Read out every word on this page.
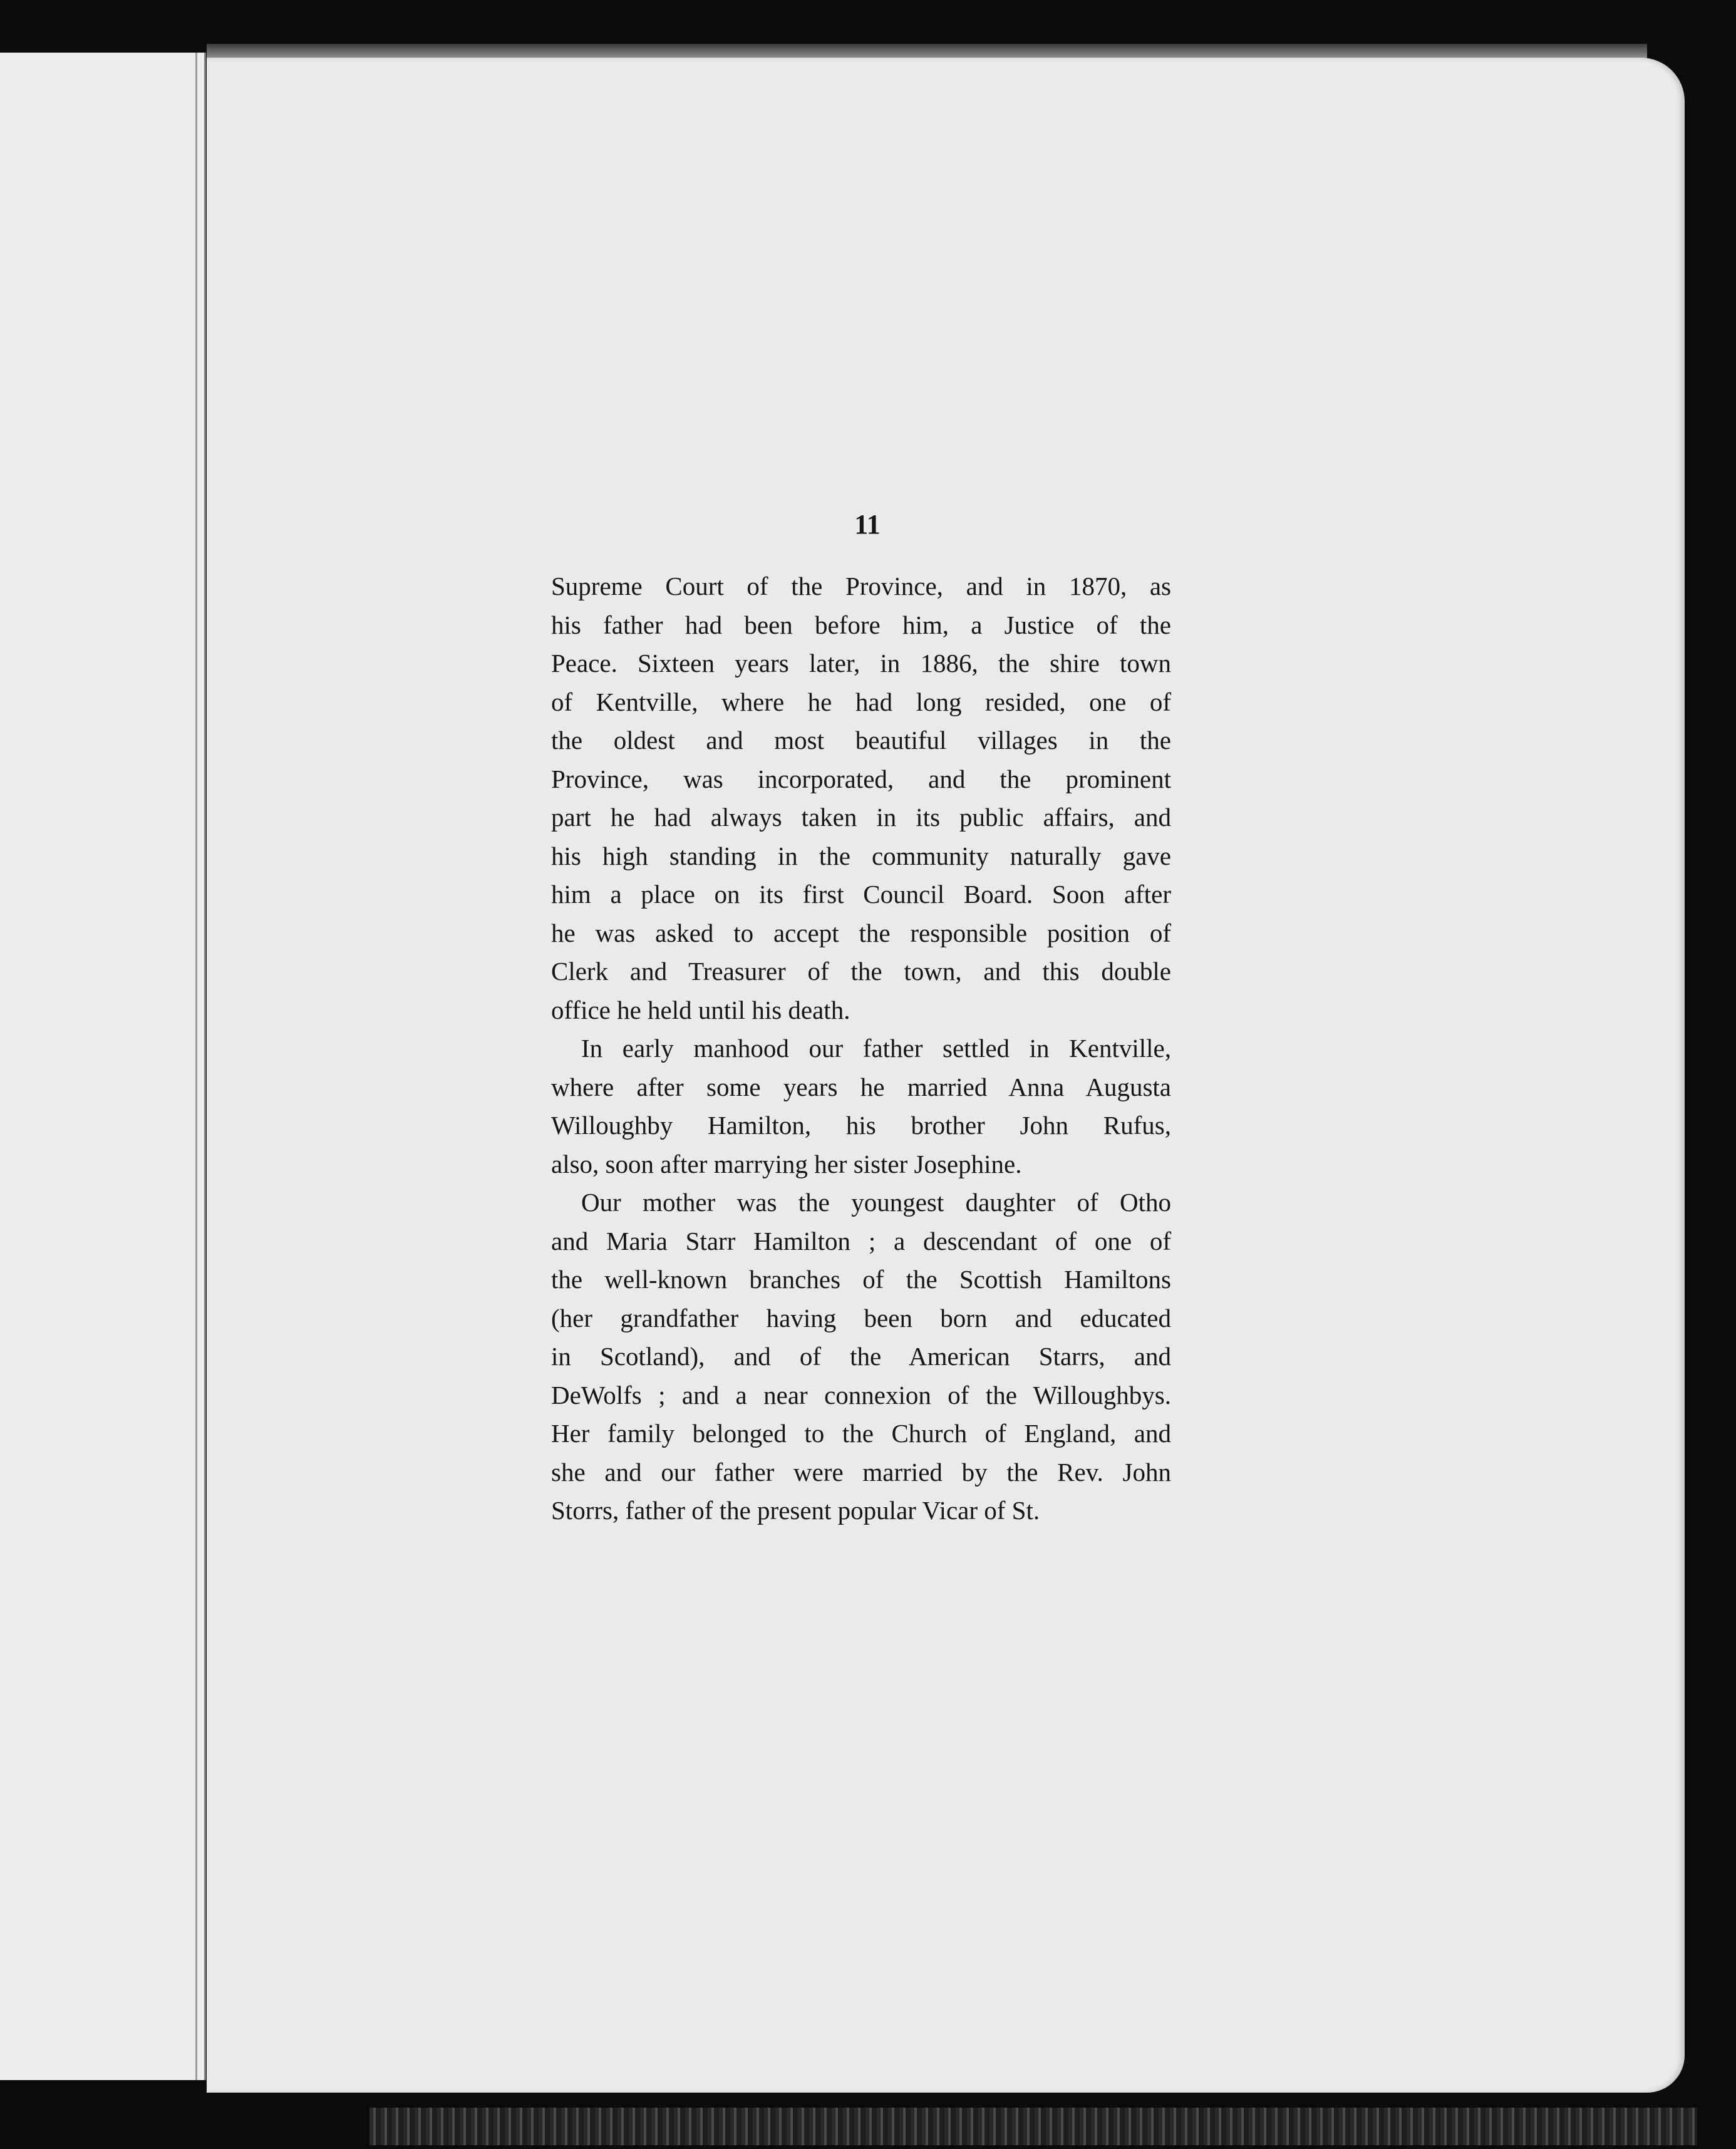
11
Supreme Court of the Province, and in 1870, as
his father had been before him, a Justice of the
Peace. Sixteen years later, in 1886, the shire town
of Kentville, where he had long resided, one of
the oldest and most beautiful villages in the
Province, was incorporated, and the prominent
part he had always taken in its public affairs, and
his high standing in the community naturally gave
him a place on its first Council Board. Soon after
he was asked to accept the responsible position of
Clerk and Treasurer of the town, and this double
office he held until his death.
In early manhood our father settled in Kentville,
where after some years he married Anna Augusta
Willoughby Hamilton, his brother John Rufus,
also, soon after marrying her sister Josephine.
Our mother was the youngest daughter of Otho
and Maria Starr Hamilton ; a descendant of one of
the well-known branches of the Scottish Hamiltons
(her grandfather having been born and educated
in Scotland), and of the American Starrs, and
DeWolfs ; and a near connexion of the Willoughbys.
Her family belonged to the Church of England, and
she and our father were married by the Rev. John
Storrs, father of the present popular Vicar of St.
